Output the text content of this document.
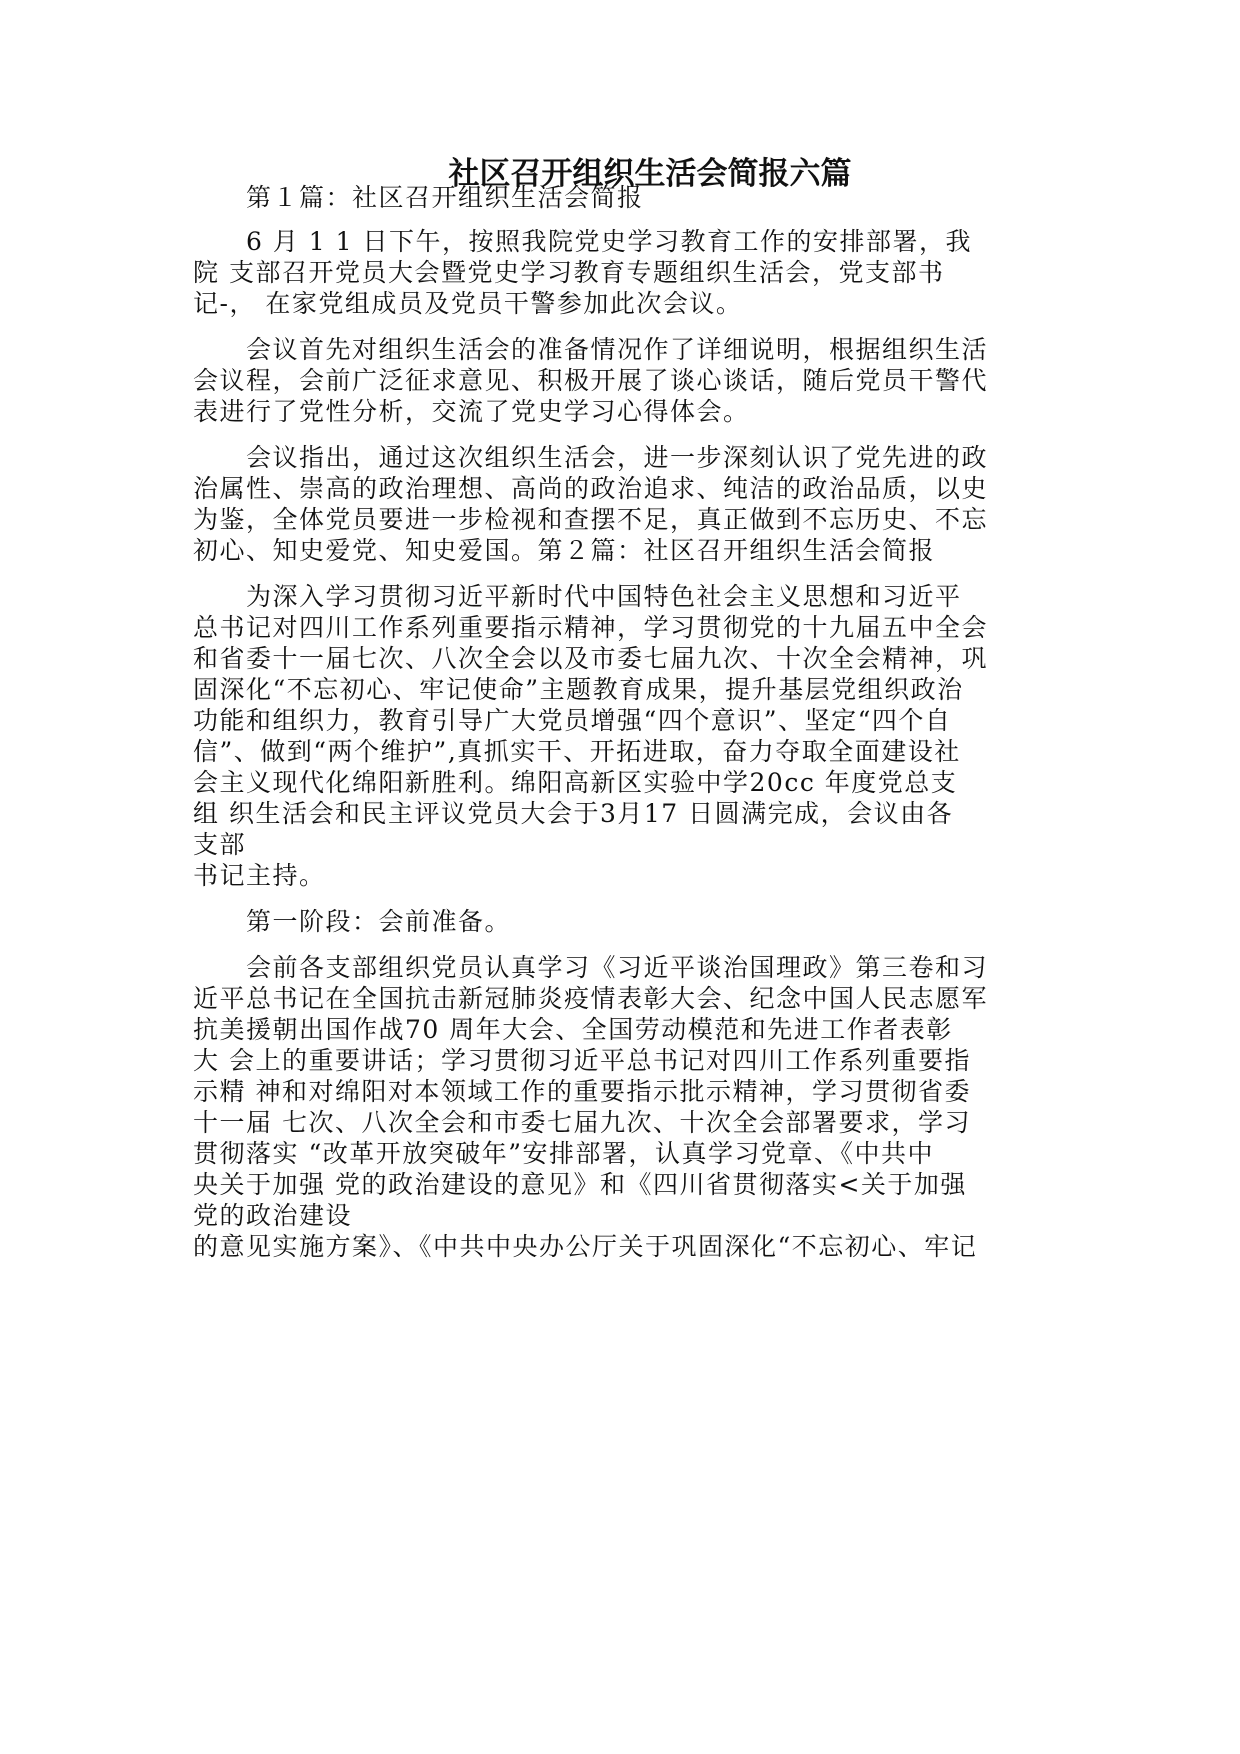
社区召开组织生活会简报六篇

第１篇：社区召开组织生活会简报

6 月 1 1 日下午，按照我院党史学习教育工作的安排部署，我

院 支部召开党员大会暨党史学习教育专题组织生活会，党支部书

记-， 在家党组成员及党员干警参加此次会议。

会议首先对组织生活会的准备情况作了详细说明，根据组织生活

会议程，会前广泛征求意见、积极开展了谈心谈话，随后党员干警代

表进行了党性分析，交流了党史学习心得体会。

会议指出，通过这次组织生活会，进一步深刻认识了党先进的政

治属性、崇高的政治理想、高尚的政治追求、纯洁的政治品质，以史

为鉴，全体党员要进一步检视和查摆不足，真正做到不忘历史、不忘

初心、知史爱党、知史爱国。第２篇：社区召开组织生活会简报

为深入学习贯彻习近平新时代中国特色社会主义思想和习近平

总书记对四川工作系列重要指示精神，学习贯彻党的十九届五中全会

和省委十一届七次、八次全会以及市委七届九次、十次全会精神，巩

固深化“不忘初心、牢记使命”主题教育成果，提升基层党组织政治

功能和组织力，教育引导广大党员增强“四个意识”、坚定“四个自

信”、做到“两个维护”,真抓实干、开拓进取，奋力夺取全面建设社

会主义现代化绵阳新胜利。绵阳高新区实验中学20cc 年度党总支

组 织生活会和民主评议党员大会于3月17 日圆满完成，会议由各

支部

书记主持。

第一阶段：会前准备。

会前各支部组织党员认真学习《习近平谈治国理政》第三卷和习

近平总书记在全国抗击新冠肺炎疫情表彰大会、纪念中国人民志愿军

抗美援朝出国作战70 周年大会、全国劳动模范和先进工作者表彰

大 会上的重要讲话；学习贯彻习近平总书记对四川工作系列重要指

示精 神和对绵阳对本领域工作的重要指示批示精神，学习贯彻省委

十一届 七次、八次全会和市委七届九次、十次全会部署要求，学习

贯彻落实 “改革开放突破年”安排部署，认真学习党章、《中共中

央关于加强 党的政治建设的意见》和《四川省贯彻落实<关于加强

党的政治建设

的意见实施方案》、《中共中央办公厅关于巩固深化“不忘初心、牢记
